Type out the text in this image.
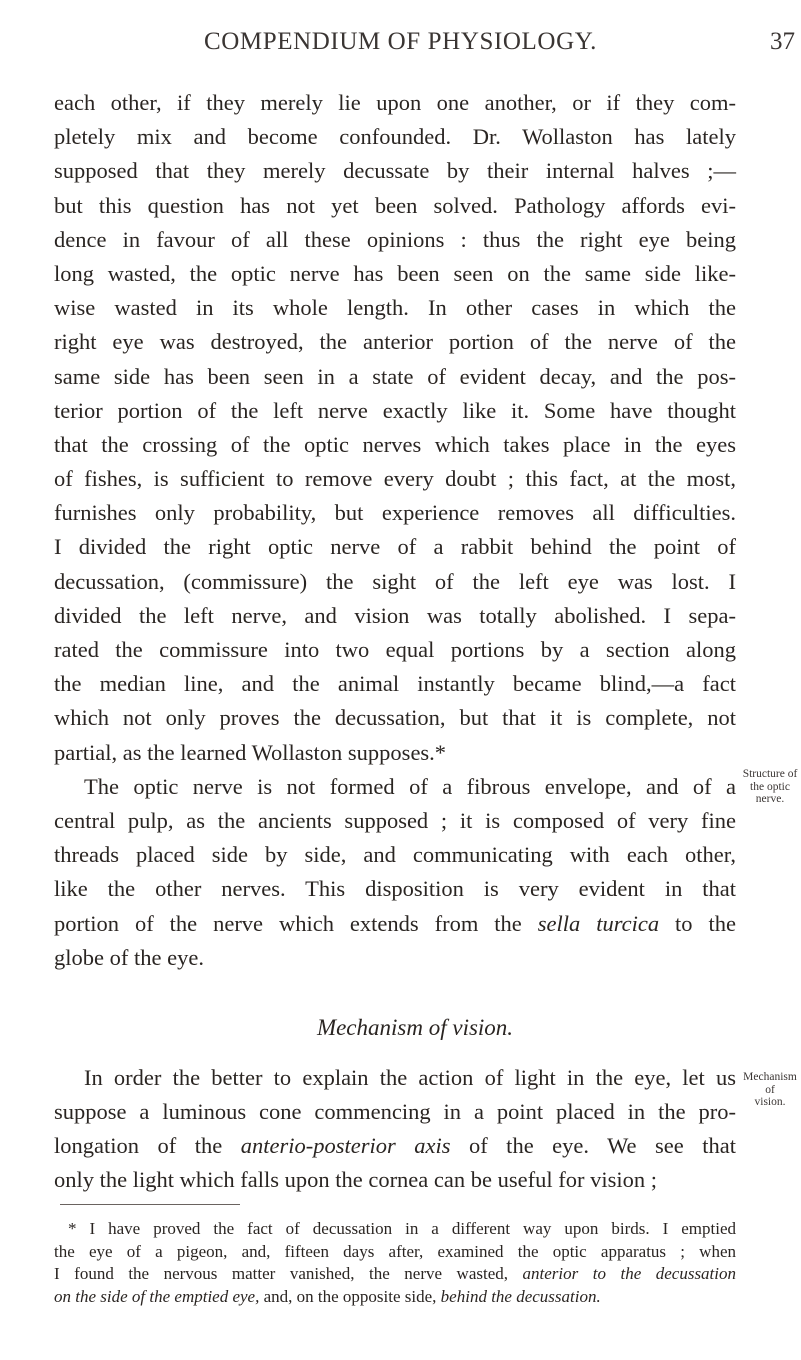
COMPENDIUM OF PHYSIOLOGY.	37
each other, if they merely lie upon one another, or if they com-
pletely mix and become confounded. Dr. Wollaston has lately
supposed that they merely decussate by their internal halves ;—
but this question has not yet been solved. Pathology affords evi-
dence in favour of all these opinions : thus the right eye being
long wasted, the optic nerve has been seen on the same side like-
wise wasted in its whole length. In other cases in which the
right eye was destroyed, the anterior portion of the nerve of the
same side has been seen in a state of evident decay, and the pos-
terior portion of the left nerve exactly like it. Some have thought
that the crossing of the optic nerves which takes place in the eyes
of fishes, is sufficient to remove every doubt ; this fact, at the most,
furnishes only probability, but experience removes all difficulties.
I divided the right optic nerve of a rabbit behind the point of
decussation, (commissure) the sight of the left eye was lost. I
divided the left nerve, and vision was totally abolished. I sepa-
rated the commissure into two equal portions by a section along
the median line, and the animal instantly became blind,—a fact
which not only proves the decussation, but that it is complete, not
partial, as the learned Wollaston supposes.*
The optic nerve is not formed of a fibrous envelope, and of a
central pulp, as the ancients supposed ; it is composed of very fine
threads placed side by side, and communicating with each other,
like the other nerves. This disposition is very evident in that
portion of the nerve which extends from the sella turcica to the
globe of the eye.
Mechanism of vision.
In order the better to explain the action of light in the eye, let us
suppose a luminous cone commencing in a point placed in the pro-
longation of the anterio-posterior axis of the eye. We see that
only the light which falls upon the cornea can be useful for vision ;
Structure of
the optic
nerve.
Mechanism of
vision.
* I have proved the fact of decussation in a different way upon birds. I emptied
the eye of a pigeon, and, fifteen days after, examined the optic apparatus ; when
I found the nervous matter vanished, the nerve wasted, anterior to the decussation
on the side of the emptied eye, and, on the opposite side, behind the decussation.
